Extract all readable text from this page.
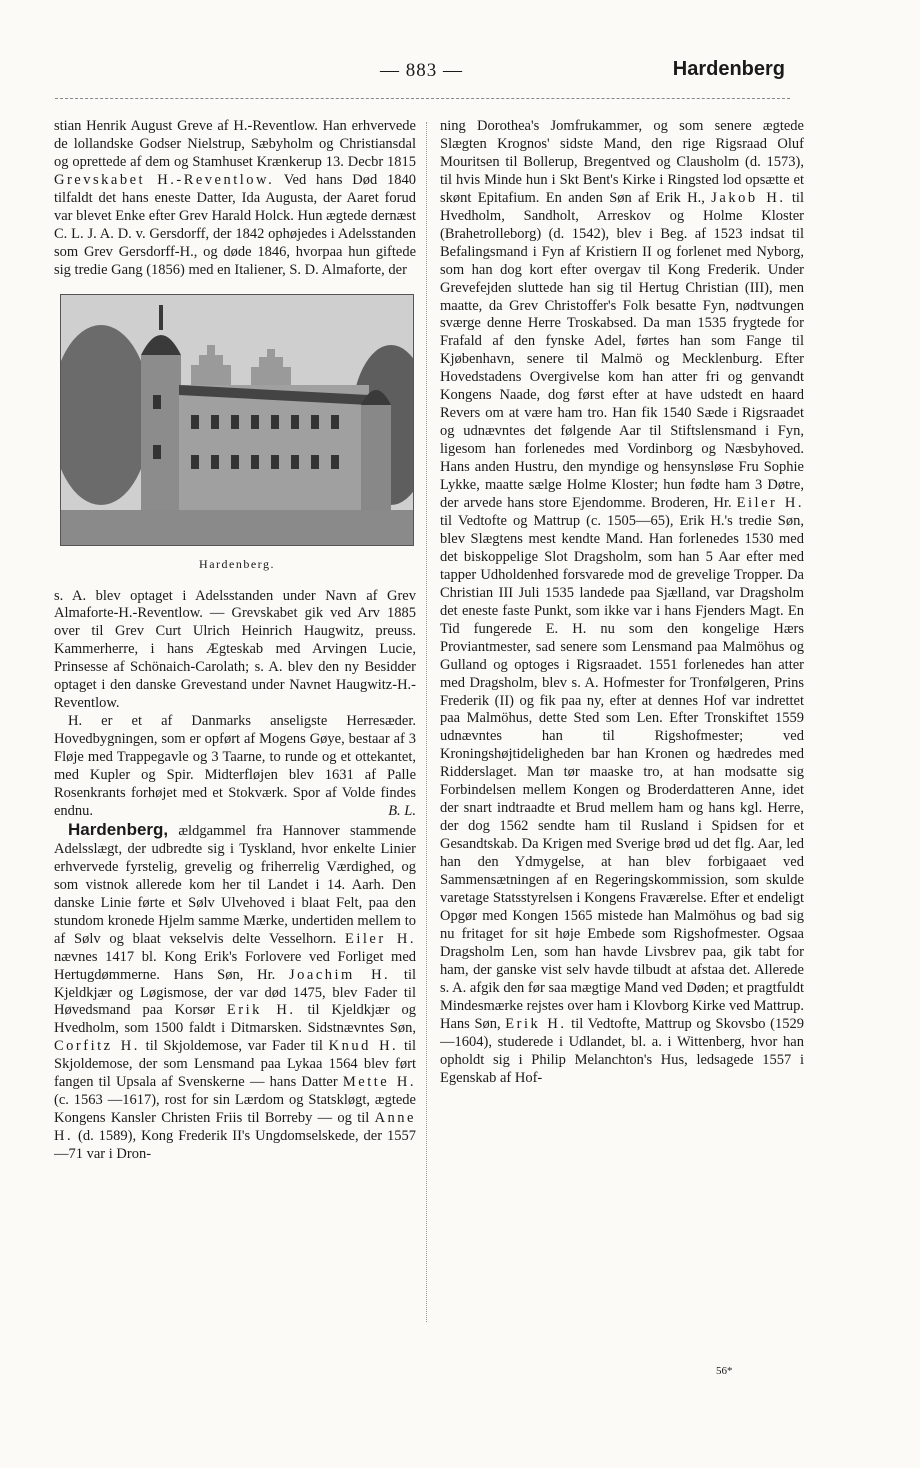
— 883 —	Hardenberg

stian Henrik August Greve af H.-Reventlow. Han erhvervede de lollandske Godser Nielstrup, Sæbyholm og Christiansdal og oprettede af dem og Stamhuset Krænkerup 13. Decbr 1815 Grevskabet H.-Reventlow. Ved hans Død 1840 tilfaldt det hans eneste Datter, Ida Augusta, der Aaret forud var blevet Enke efter Grev Harald Holck. Hun ægtede dernæst C. L. J. A. D. v. Gersdorff, der 1842 ophøjedes i Adelsstanden som Grev Gersdorff-H., og døde 1846, hvorpaa hun giftede sig tredie Gang (1856) med en Italiener, S. D. Almaforte, der

Hardenberg.

s. A. blev optaget i Adelsstanden under Navn af Grev Almaforte-H.-Reventlow. — Grevskabet gik ved Arv 1885 over til Grev Curt Ulrich Heinrich Haugwitz, preuss. Kammerherre, i hans Ægteskab med Arvingen Lucie, Prinsesse af Schönaich-Carolath; s. A. blev den ny Besidder optaget i den danske Grevestand under Navnet Haugwitz-H.-Reventlow.

H. er et af Danmarks anseligste Herresæder. Hovedbygningen, som er opført af Mogens Gøye, bestaar af 3 Fløje med Trappegavle og 3 Taarne, to runde og et ottekantet, med Kupler og Spir. Midterfløjen blev 1631 af Palle Rosenkrants forhøjet med et Stokværk. Spor af Volde findes endnu.	B. L.

Hardenberg, ældgammel fra Hannover stammende Adelsslægt, der udbredte sig i Tyskland, hvor enkelte Linier erhvervede fyrstelig, grevelig og friherrelig Værdighed, og som vistnok allerede kom her til Landet i 14. Aarh. Den danske Linie førte et Sølv Ulvehoved i blaat Felt, paa den stundom kronede Hjelm samme Mærke, undertiden mellem to af Sølv og blaat vekselvis delte Vesselhorn. Eiler H. nævnes 1417 bl. Kong Erik's Forlovere ved Forliget med Hertugdømmerne. Hans Søn, Hr. Joachim H. til Kjeldkjær og Løgismose, der var død 1475, blev Fader til Høvedsmand paa Korsør Erik H. til Kjeldkjær og Hvedholm, som 1500 faldt i Ditmarsken. Sidstnævntes Søn, Corfitz H. til Skjoldemose, var Fader til Knud H. til Skjoldemose, der som Lensmand paa Lykaa 1564 blev ført fangen til Upsala af Svenskerne — hans Datter Mette H. (c. 1563 —1617), rost for sin Lærdom og Statskløgt, ægtede Kongens Kansler Christen Friis til Borreby — og til Anne H. (d. 1589), Kong Frederik II's Ungdomselskede, der 1557—71 var i Dron-

ning Dorothea's Jomfrukammer, og som senere ægtede Slægten Krognos' sidste Mand, den rige Rigsraad Oluf Mouritsen til Bollerup, Bregentved og Clausholm (d. 1573), til hvis Minde hun i Skt Bent's Kirke i Ringsted lod opsætte et skønt Epitafium. En anden Søn af Erik H., Jakob H. til Hvedholm, Sandholt, Arreskov og Holme Kloster (Brahetrolleborg) (d. 1542), blev i Beg. af 1523 indsat til Befalingsmand i Fyn af Kristiern II og forlenet med Nyborg, som han dog kort efter overgav til Kong Frederik. Under Grevefejden sluttede han sig til Hertug Christian (III), men maatte, da Grev Christoffer's Folk besatte Fyn, nødtvungen sværge denne Herre Troskabsed. Da man 1535 frygtede for Frafald af den fynske Adel, førtes han som Fange til Kjøbenhavn, senere til Malmö og Mecklenburg. Efter Hovedstadens Overgivelse kom han atter fri og genvandt Kongens Naade, dog først efter at have udstedt en haard Revers om at være ham tro. Han fik 1540 Sæde i Rigsraadet og udnævntes det følgende Aar til Stiftslensmand i Fyn, ligesom han forlenedes med Vordinborg og Næsbyhoved. Hans anden Hustru, den myndige og hensynsløse Fru Sophie Lykke, maatte sælge Holme Kloster; hun fødte ham 3 Døtre, der arvede hans store Ejendomme. Broderen, Hr. Eiler H. til Vedtofte og Mattrup (c. 1505—65), Erik H.'s tredie Søn, blev Slægtens mest kendte Mand. Han forlenedes 1530 med det biskoppelige Slot Dragsholm, som han 5 Aar efter med tapper Udholdenhed forsvarede mod de grevelige Tropper. Da Christian III Juli 1535 landede paa Sjælland, var Dragsholm det eneste faste Punkt, som ikke var i hans Fjenders Magt. En Tid fungerede E. H. nu som den kongelige Hærs Proviantmester, sad senere som Lensmand paa Malmöhus og Gulland og optoges i Rigsraadet. 1551 forlenedes han atter med Dragsholm, blev s. A. Hofmester for Tronfølgeren, Prins Frederik (II) og fik paa ny, efter at dennes Hof var indrettet paa Malmöhus, dette Sted som Len. Efter Tronskiftet 1559 udnævntes han til Rigshofmester; ved Kroningshøjtideligheden bar han Kronen og hædredes med Ridderslaget. Man tør maaske tro, at han modsatte sig Forbindelsen mellem Kongen og Broderdatteren Anne, idet der snart indtraadte et Brud mellem ham og hans kgl. Herre, der dog 1562 sendte ham til Rusland i Spidsen for et Gesandtskab. Da Krigen med Sverige brød ud det flg. Aar, led han den Ydmygelse, at han blev forbigaaet ved Sammensætningen af en Regeringskommission, som skulde varetage Statsstyrelsen i Kongens Fraværelse. Efter et endeligt Opgør med Kongen 1565 mistede han Malmöhus og bad sig nu fritaget for sit høje Embede som Rigshofmester. Ogsaa Dragsholm Len, som han havde Livsbrev paa, gik tabt for ham, der ganske vist selv havde tilbudt at afstaa det. Allerede s. A. afgik den før saa mægtige Mand ved Døden; et pragtfuldt Mindesmærke rejstes over ham i Klovborg Kirke ved Mattrup. Hans Søn, Erik H. til Vedtofte, Mattrup og Skovsbo (1529—1604), studerede i Udlandet, bl. a. i Wittenberg, hvor han opholdt sig i Philip Melanchton's Hus, ledsagede 1557 i Egenskab af Hof-

56*
